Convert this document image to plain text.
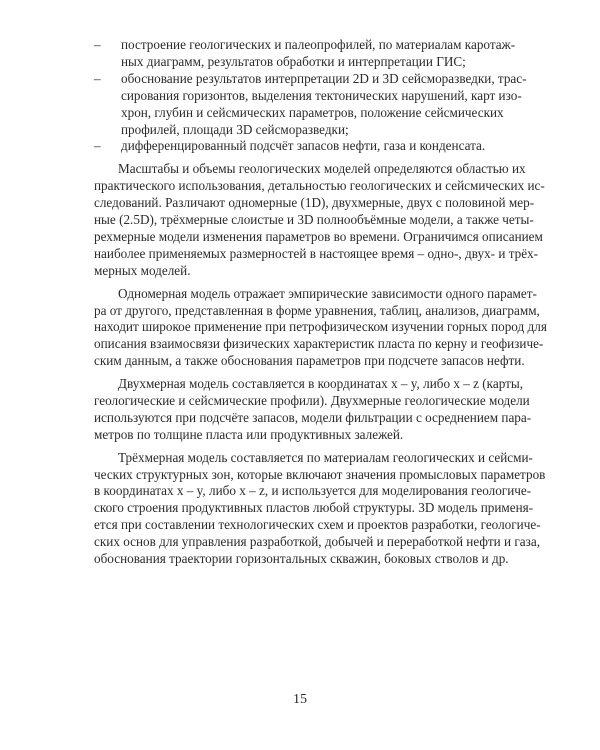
– построение геологических и палеопрофилей, по материалам каротаж-
ных диаграмм, результатов обработки и интерпретации ГИС;
– обоснование результатов интерпретации 2D и 3D сейсморазведки, трас-
сирования горизонтов, выделения тектонических нарушений, карт изо-
хрон, глубин и сейсмических параметров, положение сейсмических
профилей, площади 3D сейсморазведки;
– дифференцированный подсчёт запасов нефти, газа и конденсата.
Масштабы и объемы геологических моделей определяются областью их
практического использования, детальностью геологических и сейсмических ис-
следований. Различают одномерные (1D), двухмерные, двух с половиной мер-
ные (2.5D), трёхмерные слоистые и 3D полнообъёмные модели, а также четы-
рехмерные модели изменения параметров во времени. Ограничимся описанием
наиболее применяемых размерностей в настоящее время – одно-, двух- и трёх-
мерных моделей.
Одномерная модель отражает эмпирические зависимости одного парамет-
ра от другого, представленная в форме уравнения, таблиц, анализов, диаграмм,
находит широкое применение при петрофизическом изучении горных пород для
описания взаимосвязи физических характеристик пласта по керну и геофизиче-
ским данным, а также обоснования параметров при подсчете запасов нефти.
Двухмерная модель составляется в координатах x – y, либо x – z (карты,
геологические и сейсмические профили). Двухмерные геологические модели
используются при подсчёте запасов, модели фильтрации с осреднением пара-
метров по толщине пласта или продуктивных залежей.
Трёхмерная модель составляется по материалам геологических и сейсми-
ческих структурных зон, которые включают значения промысловых параметров
в координатах x – y, либо x – z, и используется для моделирования геологиче-
ского строения продуктивных пластов любой структуры. 3D модель применя-
ется при составлении технологических схем и проектов разработки, геологиче-
ских основ для управления разработкой, добычей и переработкой нефти и газа,
обоснования траектории горизонтальных скважин, боковых стволов и др.
15
